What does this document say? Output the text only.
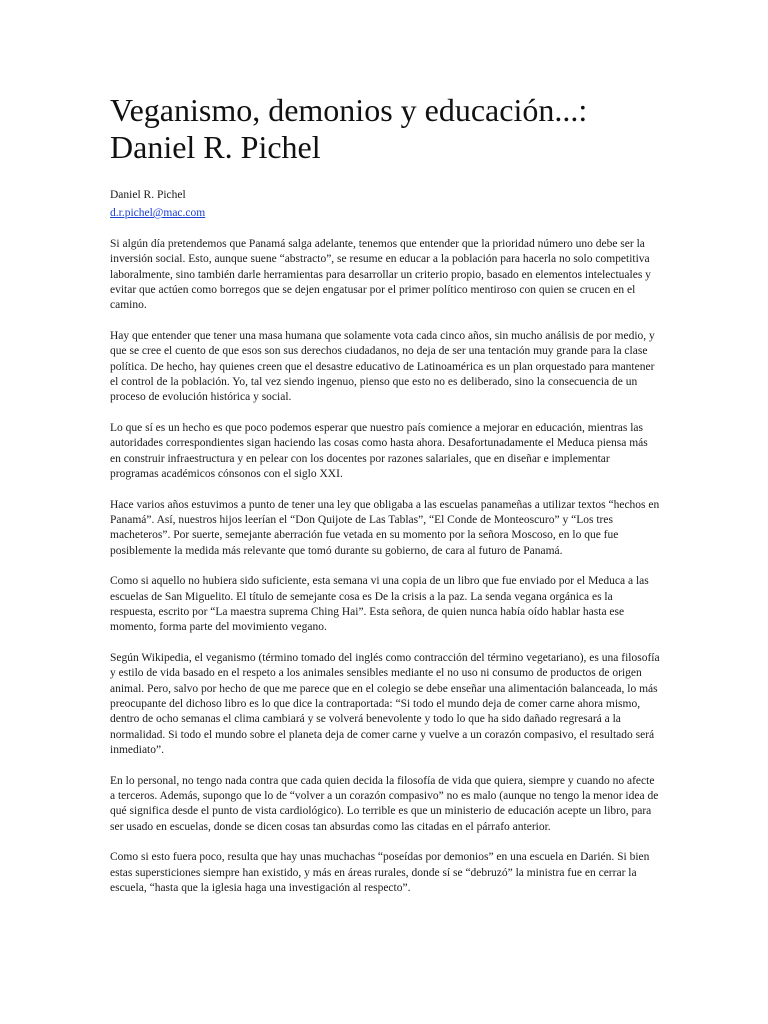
Veganismo, demonios y educación...:
Daniel R. Pichel

Daniel R. Pichel

d.r.pichel@mac.com

Si algún día pretendemos que Panamá salga adelante, tenemos que entender que la prioridad número uno debe ser la inversión social. Esto, aunque suene “abstracto”, se resume en educar a la población para hacerla no solo competitiva laboralmente, sino también darle herramientas para desarrollar un criterio propio, basado en elementos intelectuales y evitar que actúen como borregos que se dejen engatusar por el primer político mentiroso con quien se crucen en el camino.

Hay que entender que tener una masa humana que solamente vota cada cinco años, sin mucho análisis de por medio, y que se cree el cuento de que esos son sus derechos ciudadanos, no deja de ser una tentación muy grande para la clase política. De hecho, hay quienes creen que el desastre educativo de Latinoamérica es un plan orquestado para mantener el control de la población. Yo, tal vez siendo ingenuo, pienso que esto no es deliberado, sino la consecuencia de un proceso de evolución histórica y social.

Lo que sí es un hecho es que poco podemos esperar que nuestro país comience a mejorar en educación, mientras las autoridades correspondientes sigan haciendo las cosas como hasta ahora. Desafortunadamente el Meduca piensa más en construir infraestructura y en pelear con los docentes por razones salariales, que en diseñar e implementar programas académicos cónsonos con el siglo XXI.

Hace varios años estuvimos a punto de tener una ley que obligaba a las escuelas panameñas a utilizar textos “hechos en Panamá”. Así, nuestros hijos leerían el “Don Quijote de Las Tablas”, “El Conde de Monteoscuro” y “Los tres macheteros”. Por suerte, semejante aberración fue vetada en su momento por la señora Moscoso, en lo que fue posiblemente la medida más relevante que tomó durante su gobierno, de cara al futuro de Panamá.

Como si aquello no hubiera sido suficiente, esta semana vi una copia de un libro que fue enviado por el Meduca a las escuelas de San Miguelito. El título de semejante cosa es De la crisis a la paz. La senda vegana orgánica es la respuesta, escrito por “La maestra suprema Ching Hai”. Esta señora, de quien nunca había oído hablar hasta ese momento, forma parte del movimiento vegano.

Según Wikipedia, el veganismo (término tomado del inglés como contracción del término vegetariano), es una filosofía y estilo de vida basado en el respeto a los animales sensibles mediante el no uso ni consumo de productos de origen animal. Pero, salvo por hecho de que me parece que en el colegio se debe enseñar una alimentación balanceada, lo más preocupante del dichoso libro es lo que dice la contraportada: “Si todo el mundo deja de comer carne ahora mismo, dentro de ocho semanas el clima cambiará y se volverá benevolente y todo lo que ha sido dañado regresará a la normalidad. Si todo el mundo sobre el planeta deja de comer carne y vuelve a un corazón compasivo, el resultado será inmediato”.

En lo personal, no tengo nada contra que cada quien decida la filosofía de vida que quiera, siempre y cuando no afecte a terceros. Además, supongo que lo de “volver a un corazón compasivo” no es malo (aunque no tengo la menor idea de qué significa desde el punto de vista cardiológico). Lo terrible es que un ministerio de educación acepte un libro, para ser usado en escuelas, donde se dicen cosas tan absurdas como las citadas en el párrafo anterior.

Como si esto fuera poco, resulta que hay unas muchachas “poseídas por demonios” en una escuela en Darién. Si bien estas supersticiones siempre han existido, y más en áreas rurales, donde sí se “debruzó” la ministra fue en cerrar la escuela, “hasta que la iglesia haga una investigación al respecto”.
